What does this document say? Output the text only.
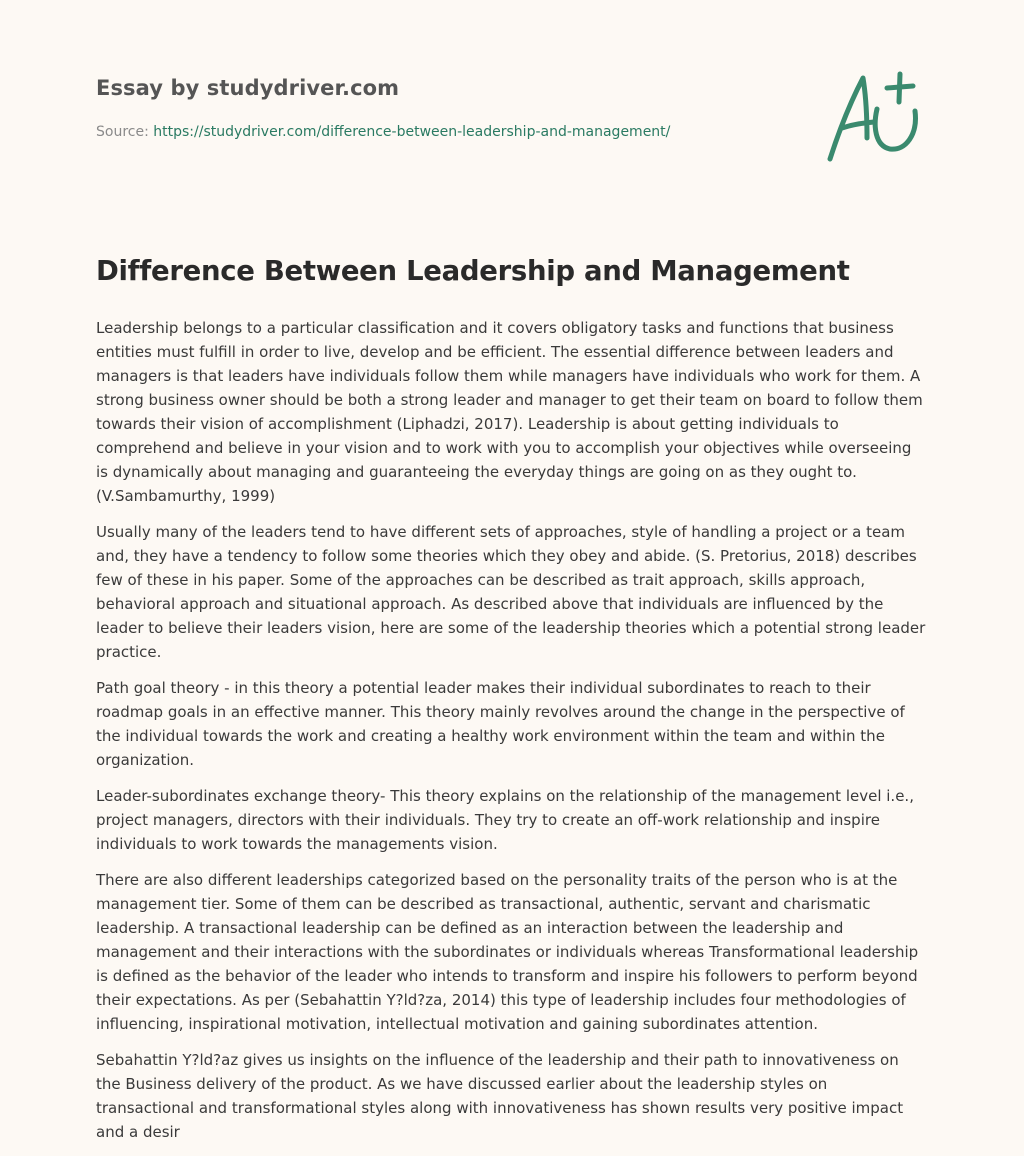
Essay by studydriver.com
Source: https://studydriver.com/difference-between-leadership-and-management/
Difference Between Leadership and Management

Leadership belongs to a particular classification and it covers obligatory tasks and functions that business entities must fulfill in order to live, develop and be efficient. The essential difference between leaders and managers is that leaders have individuals follow them while managers have individuals who work for them. A strong business owner should be both a strong leader and manager to get their team on board to follow them towards their vision of accomplishment (Liphadzi, 2017). Leadership is about getting individuals to comprehend and believe in your vision and to work with you to accomplish your objectives while overseeing is dynamically about managing and guaranteeing the everyday things are going on as they ought to. (V.Sambamurthy, 1999)

Usually many of the leaders tend to have different sets of approaches, style of handling a project or a team and, they have a tendency to follow some theories which they obey and abide. (S. Pretorius, 2018) describes few of these in his paper. Some of the approaches can be described as trait approach, skills approach, behavioral approach and situational approach. As described above that individuals are influenced by the leader to believe their leaders vision, here are some of the leadership theories which a potential strong leader practice.

Path goal theory - in this theory a potential leader makes their individual subordinates to reach to their roadmap goals in an effective manner. This theory mainly revolves around the change in the perspective of the individual towards the work and creating a healthy work environment within the team and within the organization.

Leader-subordinates exchange theory- This theory explains on the relationship of the management level i.e., project managers, directors with their individuals. They try to create an off-work relationship and inspire individuals to work towards the managements vision.

There are also different leaderships categorized based on the personality traits of the person who is at the management tier. Some of them can be described as transactional, authentic, servant and charismatic leadership. A transactional leadership can be defined as an interaction between the leadership and management and their interactions with the subordinates or individuals whereas Transformational leadership is defined as the behavior of the leader who intends to transform and inspire his followers to perform beyond their expectations. As per (Sebahattin Y?ld?za, 2014) this type of leadership includes four methodologies of influencing, inspirational motivation, intellectual motivation and gaining subordinates attention.

Sebahattin Y?ld?az gives us insights on the influence of the leadership and their path to innovativeness on the Business delivery of the product. As we have discussed earlier about the leadership styles on transactional and transformational styles along with innovativeness has shown results very positive impact and a desir
